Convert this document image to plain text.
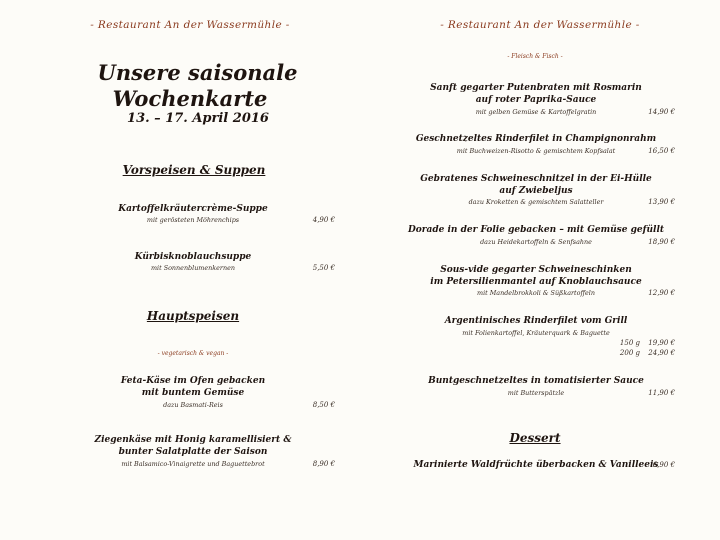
- Restaurant An der Wassermühle -
Unsere saisonale
Wochenkarte
13. – 17. April 2016
Vorspeisen & Suppen
Kartoffelkräutercrème-Suppe
mit gerösteten Möhrenchips	4,90 €
Kürbisknoblauchsuppe
mit Sonnenblumenkernen	5,50 €
Hauptspeisen
- vegetarisch & vegan -
Feta-Käse im Ofen gebacken
mit buntem Gemüse
dazu Basmati-Reis	8,50 €
Ziegenkäse mit Honig karamellisiert &
bunter Salatplatte der Saison
mit Balsamico-Vinaigrette und Baguettebrot	8,90 €
- Restaurant An der Wassermühle -
- Fleisch & Fisch -
Sanft gegarter Putenbraten mit Rosmarin
auf roter Paprika-Sauce
mit gelben Gemüse & Kartoffelgratin	14,90 €
Geschnetzeltes Rinderfilet in Champignonrahm
mit Buchweizen-Risotto & gemischtem Kopfsalat	16,50 €
Gebratenes Schweineschnitzel in der Ei-Hülle
auf Zwiebeljus
dazu Kroketten & gemischtem Salatteller	13,90 €
Dorade in der Folie gebacken – mit Gemüse gefüllt
dazu Heidekartoffeln & Senfsahne	18,90 €
Sous-vide gegarter Schweineschinken
im Petersilienmantel auf Knoblauchsauce
mit Mandelbrokkoli & Süßkartoffeln	12,90 €
Argentinisches Rinderfilet vom Grill
mit Folienkartoffel, Kräuterquark & Baguette
150 g	19,90 €
200 g	24,90 €
Buntgeschnetzeltes in tomatisierter Sauce
mit Butterspätzle	11,90 €
Dessert
Marinierte Waldfrüchte überbacken & Vanilleeis
6,90 €
